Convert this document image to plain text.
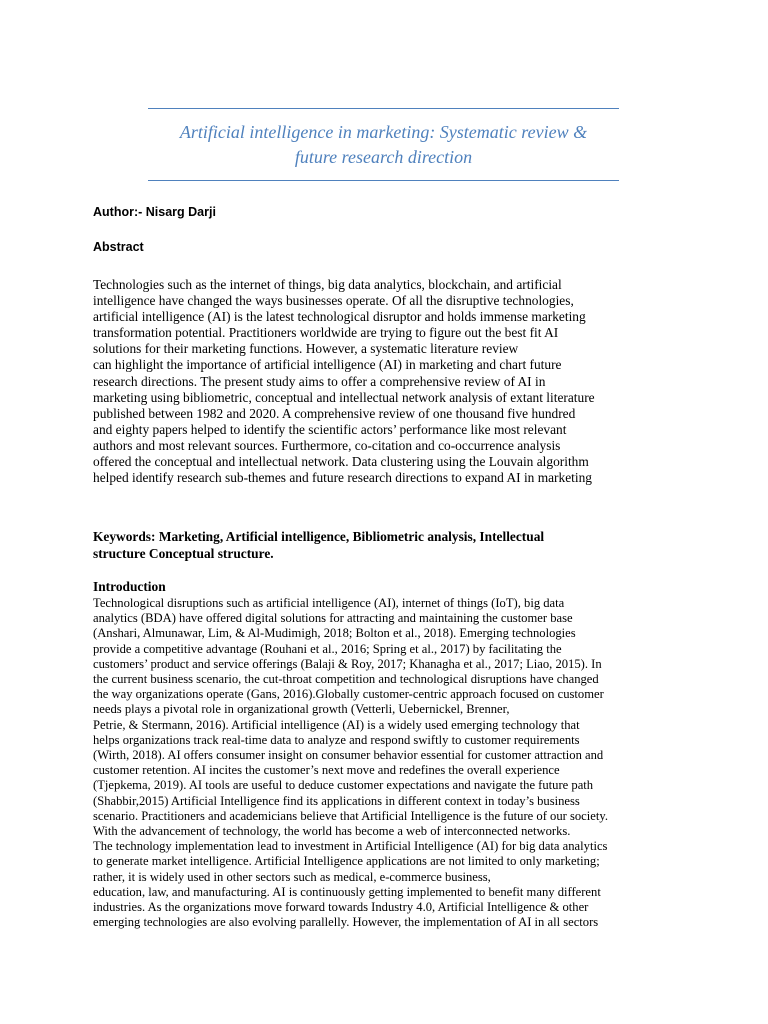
Artificial intelligence in marketing: Systematic review &
future research direction
Author:- Nisarg Darji
Abstract
Technologies such as the internet of things, big data analytics, blockchain, and artificial
intelligence have changed the ways businesses operate. Of all the disruptive technologies,
artificial intelligence (AI) is the latest technological disruptor and holds immense marketing
transformation potential. Practitioners worldwide are trying to figure out the best fit AI
solutions for their marketing functions. However, a systematic literature review
can highlight the importance of artificial intelligence (AI) in marketing and chart future
research directions. The present study aims to offer a comprehensive review of AI in
marketing using bibliometric, conceptual and intellectual network analysis of extant literature
published between 1982 and 2020. A comprehensive review of one thousand five hundred
and eighty papers helped to identify the scientific actors’ performance like most relevant
authors and most relevant sources. Furthermore, co-citation and co-occurrence analysis
offered the conceptual and intellectual network. Data clustering using the Louvain algorithm
helped identify research sub-themes and future research directions to expand AI in marketing
Keywords: Marketing, Artificial intelligence, Bibliometric analysis, Intellectual
structure Conceptual structure.
Introduction
Technological disruptions such as artificial intelligence (AI), internet of things (IoT), big data
analytics (BDA) have offered digital solutions for attracting and maintaining the customer base
(Anshari, Almunawar, Lim, & Al-Mudimigh, 2018; Bolton et al., 2018). Emerging technologies
provide a competitive advantage (Rouhani et al., 2016; Spring et al., 2017) by facilitating the
customers’ product and service offerings (Balaji & Roy, 2017; Khanagha et al., 2017; Liao, 2015). In
the current business scenario, the cut-throat competition and technological disruptions have changed
the way organizations operate (Gans, 2016).Globally customer-centric approach focused on customer
needs plays a pivotal role in organizational growth (Vetterli, Uebernickel, Brenner,
Petrie, & Stermann, 2016). Artificial intelligence (AI) is a widely used emerging technology that
helps organizations track real-time data to analyze and respond swiftly to customer requirements
(Wirth, 2018). AI offers consumer insight on consumer behavior essential for customer attraction and
customer retention. AI incites the customer’s next move and redefines the overall experience
(Tjepkema, 2019). AI tools are useful to deduce customer expectations and navigate the future path
(Shabbir,2015) Artificial Intelligence find its applications in different context in today’s business
scenario. Practitioners and academicians believe that Artificial Intelligence is the future of our society.
With the advancement of technology, the world has become a web of interconnected networks.
The technology implementation lead to investment in Artificial Intelligence (AI) for big data analytics
to generate market intelligence. Artificial Intelligence applications are not limited to only marketing;
rather, it is widely used in other sectors such as medical, e-commerce business,
education, law, and manufacturing. AI is continuously getting implemented to benefit many different
industries. As the organizations move forward towards Industry 4.0, Artificial Intelligence & other
emerging technologies are also evolving parallelly. However, the implementation of AI in all sectors
